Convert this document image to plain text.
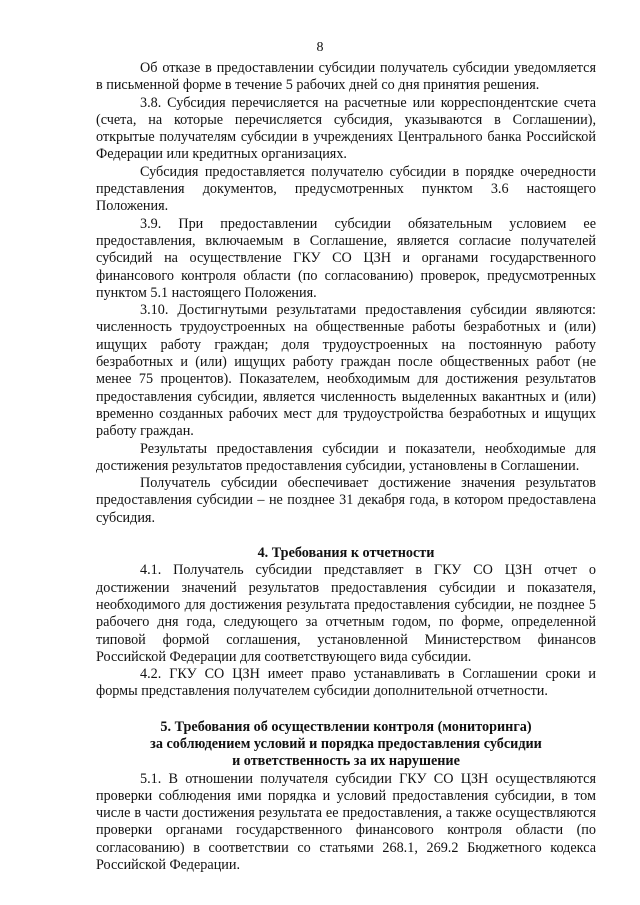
8

Об отказе в предоставлении субсидии получатель субсидии уведомляется в письменной форме в течение 5 рабочих дней со дня принятия решения.

3.8. Субсидия перечисляется на расчетные или корреспондентские счета (счета, на которые перечисляется субсидия, указываются в Соглашении), открытые получателям субсидии в учреждениях Центрального банка Российской Федерации или кредитных организациях.

Субсидия предоставляется получателю субсидии в порядке очередности представления документов, предусмотренных пунктом 3.6 настоящего Положения.

3.9. При предоставлении субсидии обязательным условием ее предоставления, включаемым в Соглашение, является согласие получателей субсидий на осуществление ГКУ СО ЦЗН и органами государственного финансового контроля области (по согласованию) проверок, предусмотренных пунктом 5.1 настоящего Положения.

3.10. Достигнутыми результатами предоставления субсидии являются: численность трудоустроенных на общественные работы безработных и (или) ищущих работу граждан; доля трудоустроенных на постоянную работу безработных и (или) ищущих работу граждан после общественных работ (не менее 75 процентов). Показателем, необходимым для достижения результатов предоставления субсидии, является численность выделенных вакантных и (или) временно созданных рабочих мест для трудоустройства безработных и ищущих работу граждан.

Результаты предоставления субсидии и показатели, необходимые для достижения результатов предоставления субсидии, установлены в Соглашении.

Получатель субсидии обеспечивает достижение значения результатов предоставления субсидии – не позднее 31 декабря года, в котором предоставлена субсидия.

4. Требования к отчетности

4.1. Получатель субсидии представляет в ГКУ СО ЦЗН отчет о достижении значений результатов предоставления субсидии и показателя, необходимого для достижения результата предоставления субсидии, не позднее 5 рабочего дня года, следующего за отчетным годом, по форме, определенной типовой формой соглашения, установленной Министерством финансов Российской Федерации для соответствующего вида субсидии.

4.2. ГКУ СО ЦЗН имеет право устанавливать в Соглашении сроки и формы представления получателем субсидии дополнительной отчетности.

5. Требования об осуществлении контроля (мониторинга)
за соблюдением условий и порядка предоставления субсидии
и ответственность за их нарушение

5.1. В отношении получателя субсидии ГКУ СО ЦЗН осуществляются проверки соблюдения ими порядка и условий предоставления субсидии, в том числе в части достижения результата ее предоставления, а также осуществляются проверки органами государственного финансового контроля области (по согласованию) в соответствии со статьями 268.1, 269.2 Бюджетного кодекса Российской Федерации.
